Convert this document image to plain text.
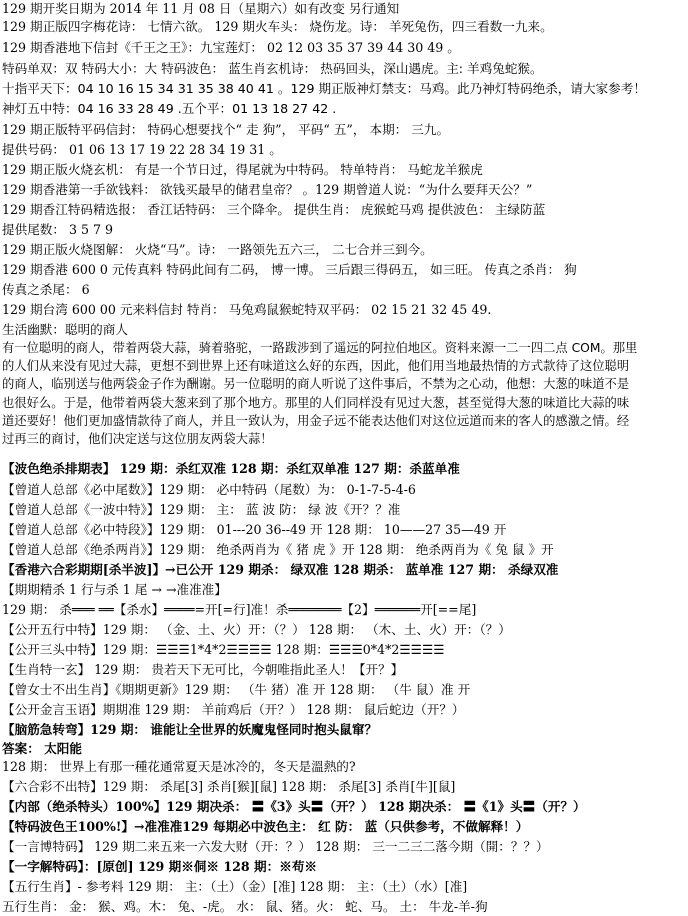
129 期开奖日期为 2014 年 11 月 08 日（星期六）如有改变 另行通知
129 期正版四字梅花诗： 七情六欲。 129 期火车头： 烧伤龙。诗： 羊死兔伤，四三看数一九来。
129 期香港地下信封《千王之王》：九宝莲灯： 02 12 03 35 37 39 44 30 49 。
特码单双：双 特码大小：大 特码波色： 蓝生肖玄机诗： 热码回头，深山遇虎。主: 羊鸡兔蛇猴。
十指平天下：04 10 16 15 34 31 35 38 40 41 。129 期正版神灯禁支：马鸡。此乃神灯特码绝杀，请大家参考！
神灯五中特：04 16 33 28 49 .五个平：01 13 18 27 42 .
129 期正版特平码信封： 特码心想要找个“ 走 狗”， 平码“ 五”， 本期： 三九。
提供号码： 01 06 13 17 19 22 28 34 19 31 。
129 期正版火烧玄机： 有是一个节日过，得尾就为中特码。 特单特肖： 马蛇龙羊猴虎
129 期香港第一手欲钱料： 欲钱买最早的储君皇帝？ 。129 期曾道人说：“为什么要拜天公？”
129 期香江特码精选报： 香江话特码： 三个降伞。 提供生肖： 虎猴蛇马鸡 提供波色： 主绿防蓝
提供尾数： 3 5 7 9
129 期正版火烧图解： 火烧“马”。诗： 一路领先五六三， 二七合并三到今。
129 期香港 600 0 元传真料 特码此间有二码， 博一博。 三后跟三得码五， 如三旺。 传真之杀肖： 狗
传真之杀尾： 6
129 期台湾 600 00 元来料信封 特肖： 马兔鸡鼠猴蛇特双平码： 02 15 21 32 45 49.
生活幽默：聪明的商人
有一位聪明的商人，带着两袋大蒜，骑着骆驼，一路跋涉到了遥远的阿拉伯地区。资料来源一二一四二点 COM。那里
的人们从来没有见过大蒜，更想不到世界上还有味道这么好的东西，因此，他们用当地最热情的方式款待了这位聪明
的商人，临别送与他两袋金子作为酬谢。另一位聪明的商人听说了这件事后，不禁为之心动，他想：大葱的味道不是
也很好么。于是，他带着两袋大葱来到了那个地方。那里的人们同样没有见过大葱，甚至觉得大葱的味道比大蒜的味
道还要好！他们更加盛情款待了商人，并且一致认为，用金子远不能表达他们对这位远道而来的客人的感激之情。经
过再三的商讨，他们决定送与这位朋友两袋大蒜！
【波色绝杀排期表】 129 期：杀红双准 128 期：杀红双单准 127 期：杀蓝单准
【曾道人总部《必中尾数》】129 期： 必中特码（尾数）为： 0-1-7-5-4-6
【曾道人总部《一波中特》】129 期： 主： 蓝 波 防： 绿 波《开？？准
【曾道人总部《必中特段》】129 期： 01---20 36--49 开 128 期： 10——27 35—49 开
【曾道人总部《绝杀两肖》】129 期： 绝杀两肖为《 猪 虎 》开 128 期： 绝杀两肖为《 兔 鼠 》开
【香港六合彩期期[杀半波]】→已公开 129 期杀： 绿双准 128 期杀： 蓝单准 127 期： 杀绿双准
【期期精杀 1 行与杀 1 尾 → →准准准】
129 期： 杀═══ ══【杀水】════=开[=行]准！杀═══════【2】══════开[==尾]
【公开五行中特】129 期： （金、土、火）开：（？） 128 期： （木、土、火）开：（？）
【公开三头中特】129 期：☰☰☰1*4*2☰☰☰☰ 128 期：☰☰☰0*4*2☰☰☰☰
【生肖特一玄】 129 期： 贵若天下无可比，今朝唯指此圣人！【开？】
【曾女士不出生肖】《期期更新》129 期： （牛 猪）准 开 128 期： （牛 鼠）准 开
【公开金言玉语】期期准 129 期： 羊前鸡后（开？） 128 期： 鼠后蛇边（开？）
【脑筋急转弯】129 期： 谁能让全世界的妖魔鬼怪同时抱头鼠窜？
答案： 太阳能
128 期： 世界上有那一種花通常夏天是冰冷的，冬天是溫熱的?
【六合彩不出特】129 期： 杀尾[3] 杀肖[猴][鼠] 128 期： 杀尾[3] 杀肖[牛][鼠]
【内部（绝杀特头）100%】129 期决杀： 〓《3》头〓（开？） 128 期决杀： 〓《1》头〓（开？）
【特码波色王100%!】→准准准129 每期必中波色主： 红 防： 蓝（只供参考，不做解释！）
【一言博特码】 129 期二来五来一六发大财（开：？） 128 期： 三一二三二落今期（開：？？）
【一字解特码】：[原创] 129 期※侗※ 128 期：※苟※
【五行生肖】- 参考料 129 期： 主：（土）（金）[准] 128 期： 主：（土）（水）[准]
五行生肖： 金： 猴、鸡。木： 兔、-虎。 水： 鼠、猪。火： 蛇、马。 土： 牛龙-羊-狗
